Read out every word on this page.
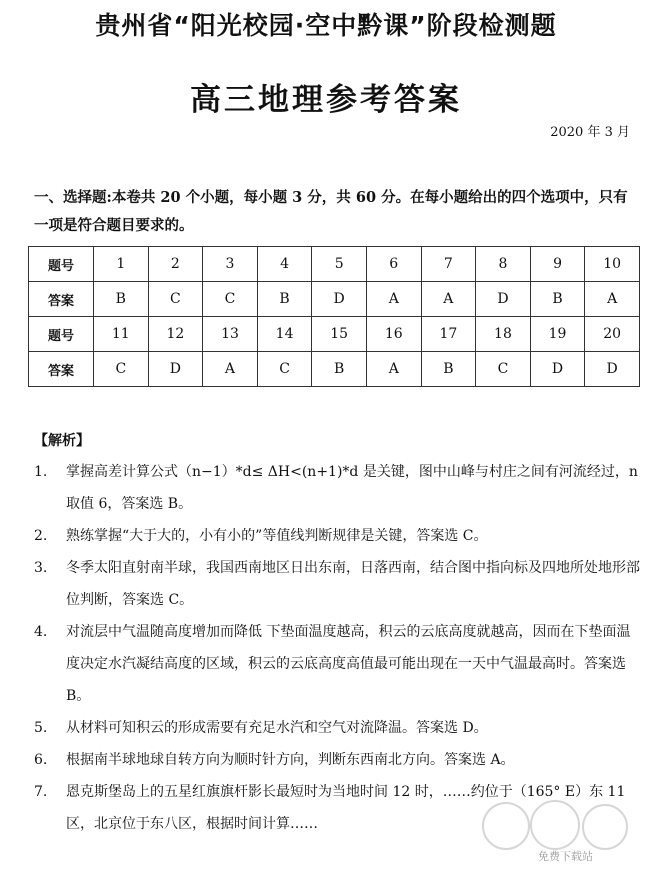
贵州省“阳光校园·空中黔课”阶段检测题
高三地理参考答案
2020 年 3 月
一、选择题:本卷共 20 个小题，每小题 3 分，共 60 分。在每小题给出的四个选项中，只有一项是符合题目要求的。
题号	1	2	3	4	5	6	7	8	9	10
答案	B	C	C	B	D	A	A	D	B	A
题号	11	12	13	14	15	16	17	18	19	20
答案	C	D	A	C	B	A	B	C	D	D
【解析】
1.	掌握高差计算公式（n−1）*d≤ ΔH<(n+1)*d 是关键，图中山峰与村庄之间有河流经过，n 取值 6，答案选 B。
2.	熟练掌握“大于大的，小有小的”等值线判断规律是关键，答案选 C。
3.	冬季太阳直射南半球，我国西南地区日出东南，日落西南，结合图中指向标及四地所处地形部位判断，答案选 C。
4.	对流层中气温随高度增加而降低 下垫面温度越高，积云的云底高度就越高，因而在下垫面温度决定水汽凝结高度的区域，积云的云底高度高值最可能出现在一天中气温最高时。答案选 B。
5.	从材料可知积云的形成需要有充足水汽和空气对流降温。答案选 D。
6.	根据南半球地球自转方向为顺时针方向，判断东西南北方向。答案选 A。
7.	恩克斯堡岛上的五星红旗旗杆影长最短时为当地时间 12 时，……约位于（165° E）东 11 区，北京位于东八区，根据时间计算……
免费下载站
